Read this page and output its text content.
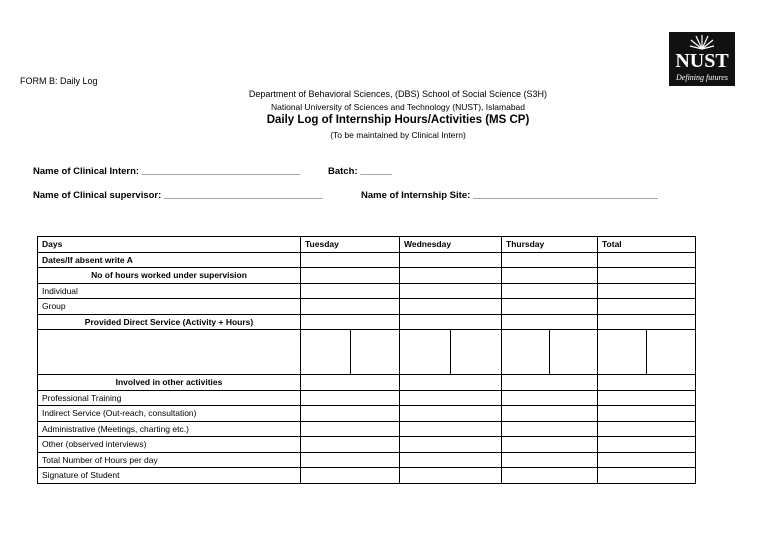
FORM B: Daily Log
Department of Behavioral Sciences, (DBS) School of Social Science (S3H)
National University of Sciences and Technology (NUST), Islamabad
Daily Log of Internship Hours/Activities (MS CP)
(To be maintained by Clinical Intern)
NUST
Defining futures
Name of Clinical Intern: ______________________________	Batch: ______
Name of Clinical supervisor: ______________________________	Name of Internship Site: ___________________________________
Days	Tuesday	Wednesday	Thursday	Total
Dates/If absent write A				
No of hours worked under supervision				
Individual				
Group				
Provided Direct Service (Activity + Hours)				

Involved in other activities				
Professional Training				
Indirect Service (Out-reach, consultation)				
Administrative (Meetings, charting etc.)				
Other (observed interviews)				
Total Number of Hours per day				
Signature of Student				
